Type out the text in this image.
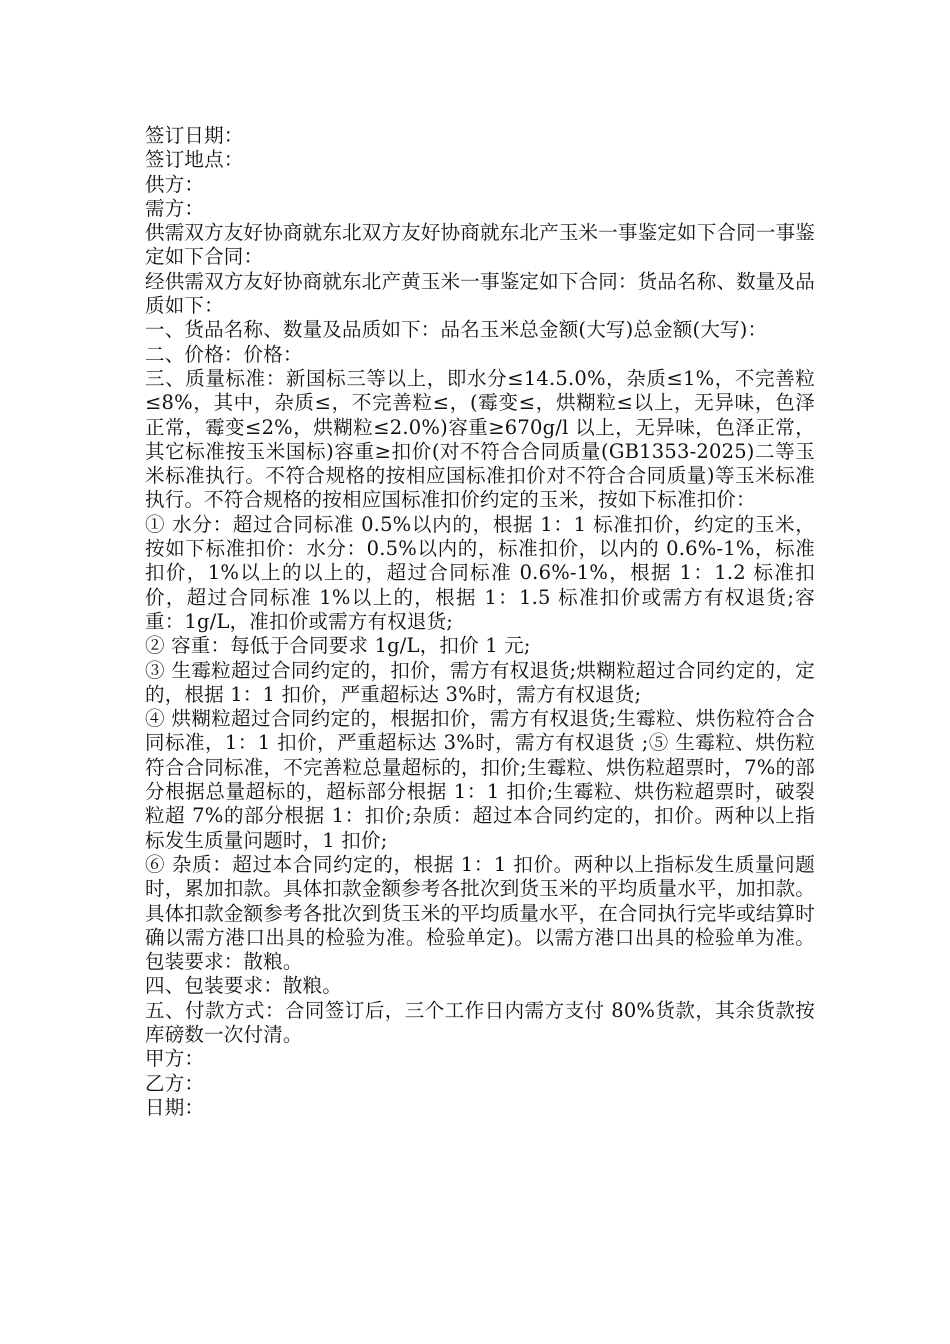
签订日期：

签订地点：

供方：

需方：

供需双方友好协商就东北双方友好协商就东北产玉米一事鉴定如下合同一事鉴定如下合同：

经供需双方友好协商就东北产黄玉米一事鉴定如下合同：货品名称、数量及品质如下：

一、货品名称、数量及品质如下：品名玉米总金额(大写)总金额(大写)：

二、价格：价格：

三、质量标准：新国标三等以上，即水分≤14.5.0%，杂质≤1%，不完善粒≤8%，其中，杂质≤，不完善粒≤，(霉变≤，烘糊粒≤以上，无异味，色泽正常，霉变≤2%，烘糊粒≤2.0%)容重≥670g/l 以上，无异味，色泽正常，其它标准按玉米国标)容重≥扣价(对不符合合同质量(GB1353-2025)二等玉米标准执行。不符合规格的按相应国标准扣价对不符合合同质量)等玉米标准执行。不符合规格的按相应国标准扣价约定的玉米，按如下标准扣价：

① 水分：超过合同标准 0.5%以内的，根据 1：1 标准扣价，约定的玉米，按如下标准扣价：水分：0.5%以内的，标准扣价，以内的 0.6%-1%，标准扣价，1%以上的以上的，超过合同标准 0.6%-1%，根据 1：1.2 标准扣价，超过合同标准 1%以上的，根据 1：1.5 标准扣价或需方有权退货;容重：1g/L，准扣价或需方有权退货;

② 容重：每低于合同要求 1g/L，扣价 1 元;

③ 生霉粒超过合同约定的，扣价，需方有权退货;烘糊粒超过合同约定的，定的，根据 1：1 扣价，严重超标达 3%时，需方有权退货;

④ 烘糊粒超过合同约定的，根据扣价，需方有权退货;生霉粒、烘伤粒符合合同标准，1：1 扣价，严重超标达 3%时，需方有权退货 ;⑤ 生霉粒、烘伤粒符合合同标准，不完善粒总量超标的，扣价;生霉粒、烘伤粒超票时，7%的部分根据总量超标的，超标部分根据 1：1 扣价;生霉粒、烘伤粒超票时，破裂粒超 7%的部分根据 1：扣价;杂质：超过本合同约定的，扣价。两种以上指标发生质量问题时，1 扣价;

⑥ 杂质：超过本合同约定的，根据 1：1 扣价。两种以上指标发生质量问题时，累加扣款。具体扣款金额参考各批次到货玉米的平均质量水平，加扣款。具体扣款金额参考各批次到货玉米的平均质量水平，在合同执行完毕或结算时确以需方港口出具的检验为准。检验单定)。以需方港口出具的检验单为准。包装要求：散粮。

四、包装要求：散粮。

五、付款方式：合同签订后，三个工作日内需方支付 80%货款，其余货款按库磅数一次付清。

甲方：

乙方：

日期：
